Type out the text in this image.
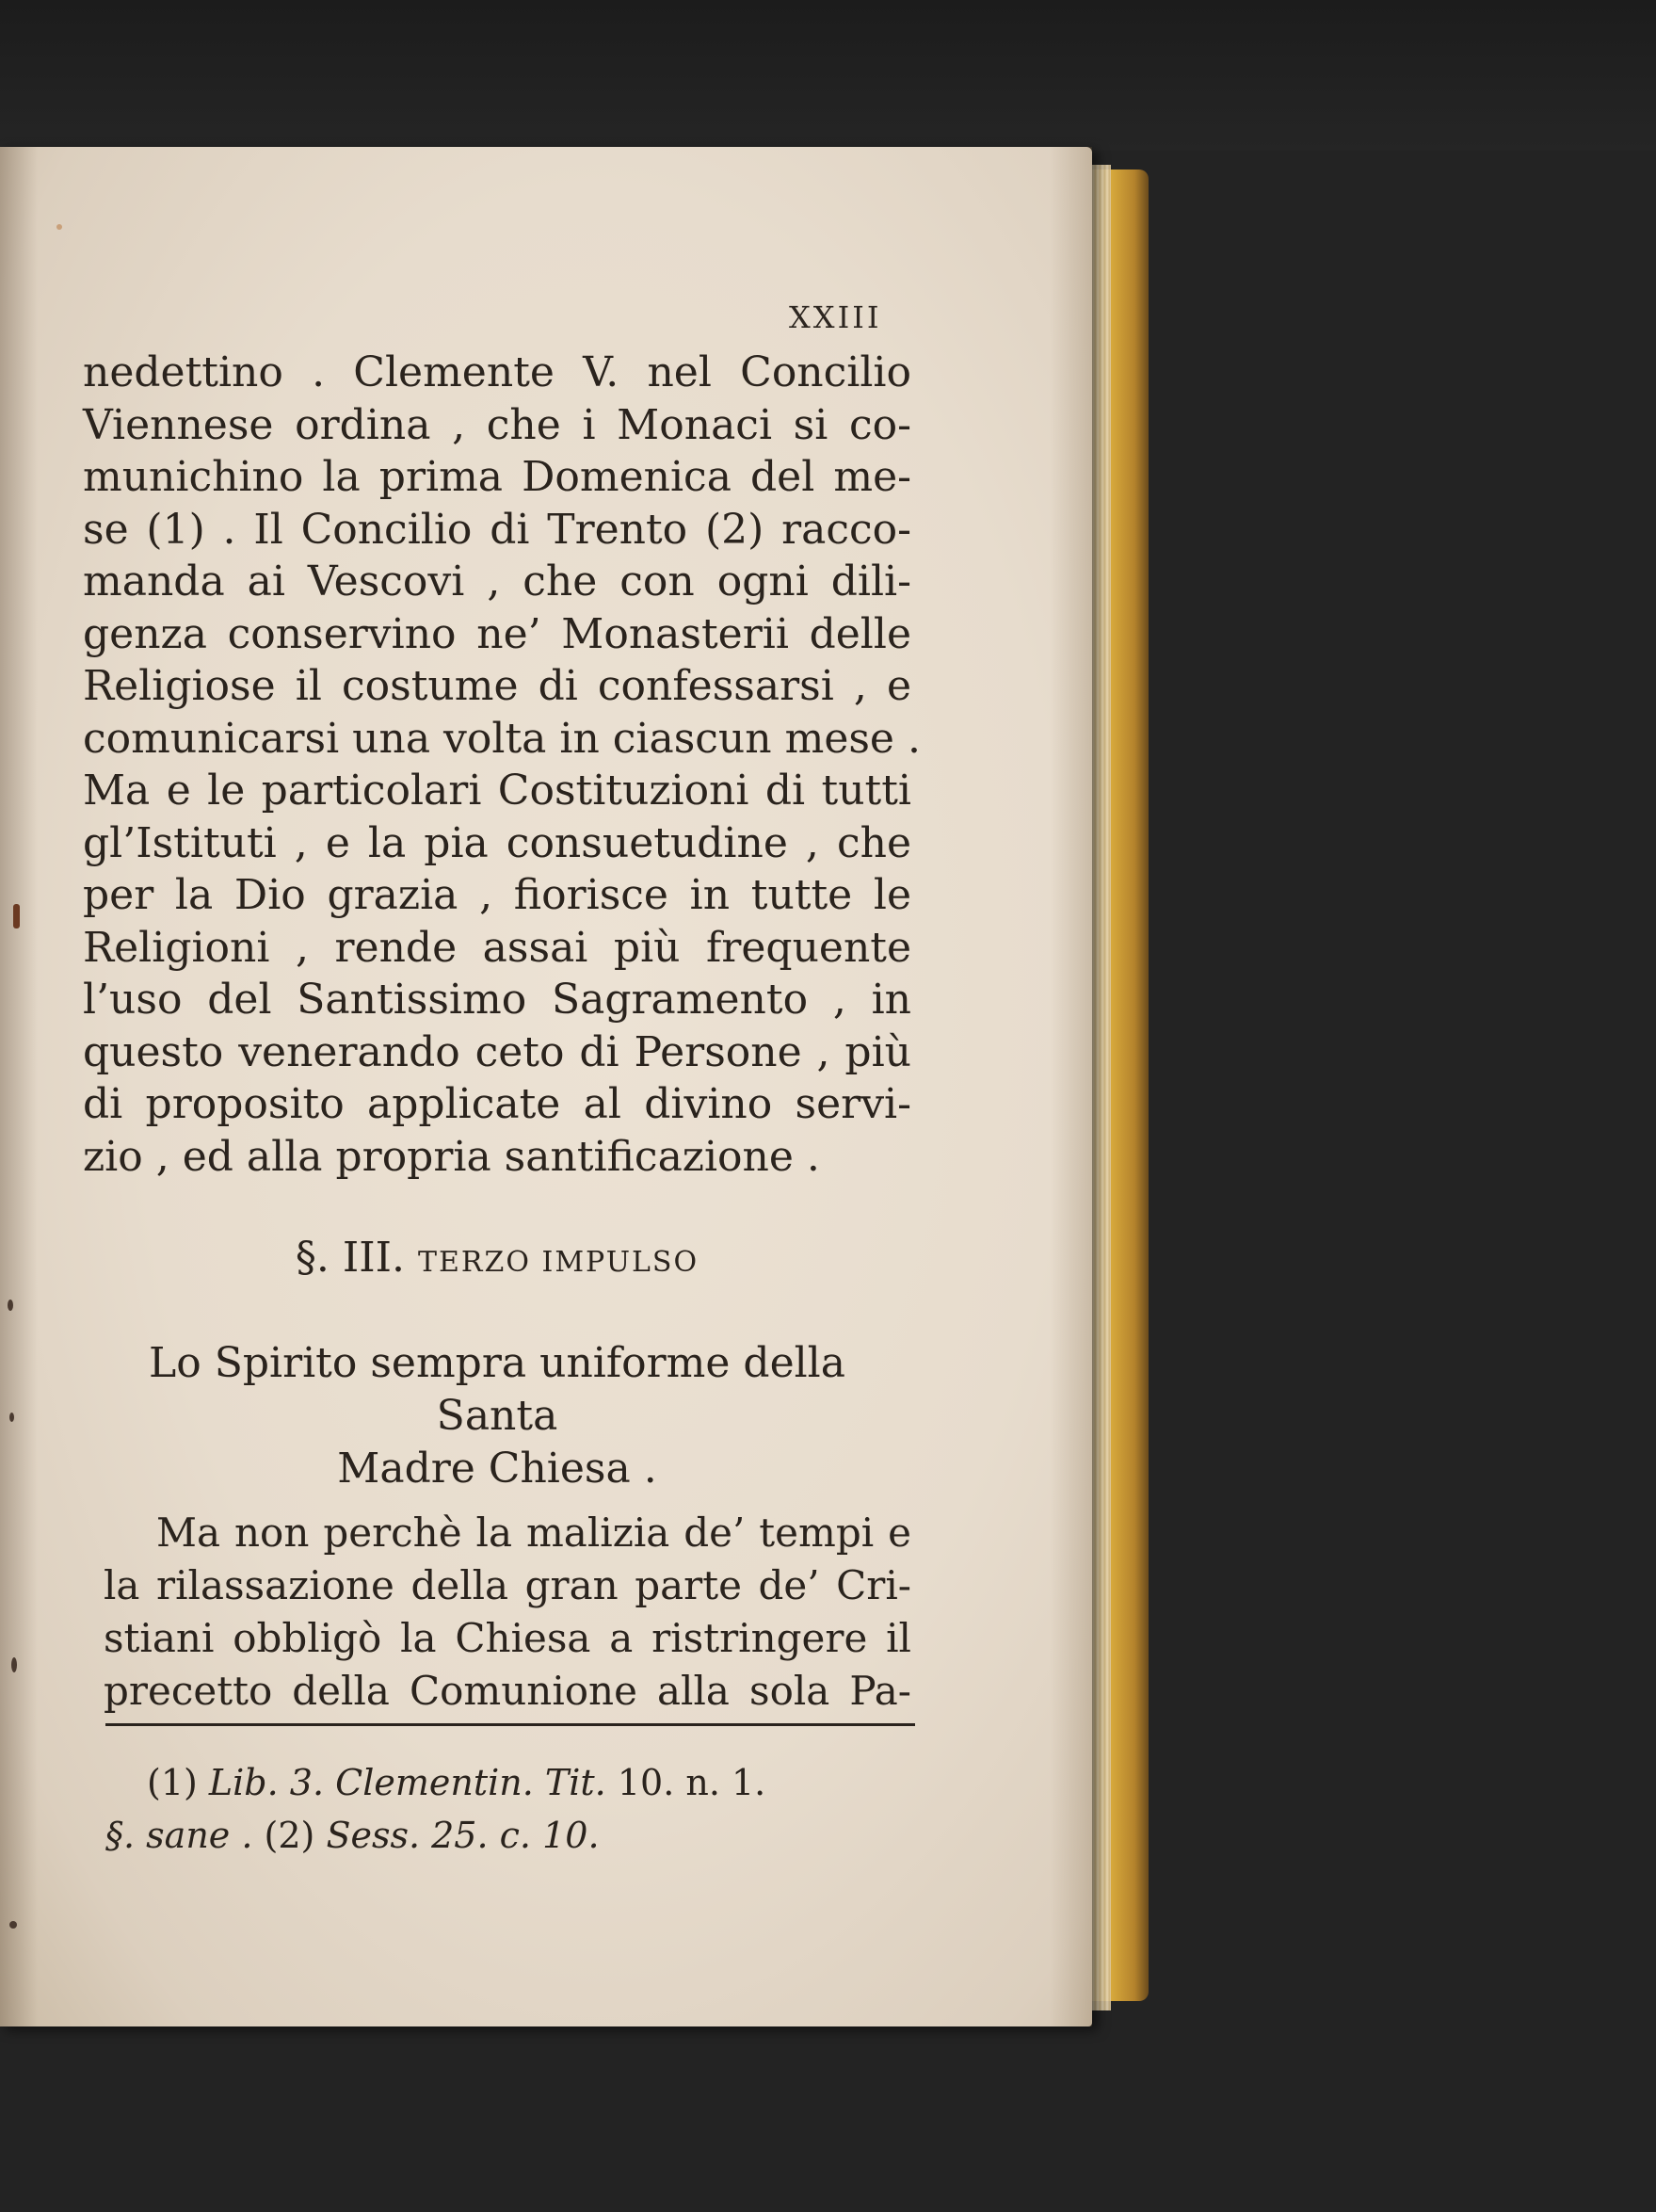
XXIII
nedettino . Clemente V. nel Concilio
Viennese ordina , che i Monaci si co-
munichino la prima Domenica del me-
se (1) . Il Concilio di Trento (2) racco-
manda ai Vescovi , che con ogni dili-
genza conservino ne’ Monasterii delle
Religiose il costume di confessarsi , e
comunicarsi una volta in ciascun mese .
Ma e le particolari Costituzioni di tutti
gl’Istituti , e la pia consuetudine , che
per la Dio grazia , fiorisce in tutte le
Religioni , rende assai più frequente
l’uso del Santissimo Sagramento , in
questo venerando ceto di Persone , più
di proposito applicate al divino servi-
zio , ed alla propria santificazione .
§. III. TERZO IMPULSO
Lo Spirito sempra uniforme della Santa
Madre Chiesa .
Ma non perchè la malizia de’ tempi e
la rilassazione della gran parte de’ Cri-
stiani obbligò la Chiesa a ristringere il
precetto della Comunione alla sola Pa-
(1) Lib. 3. Clementin. Tit. 10. n. 1.
§. sane . (2) Sess. 25. c. 10.
